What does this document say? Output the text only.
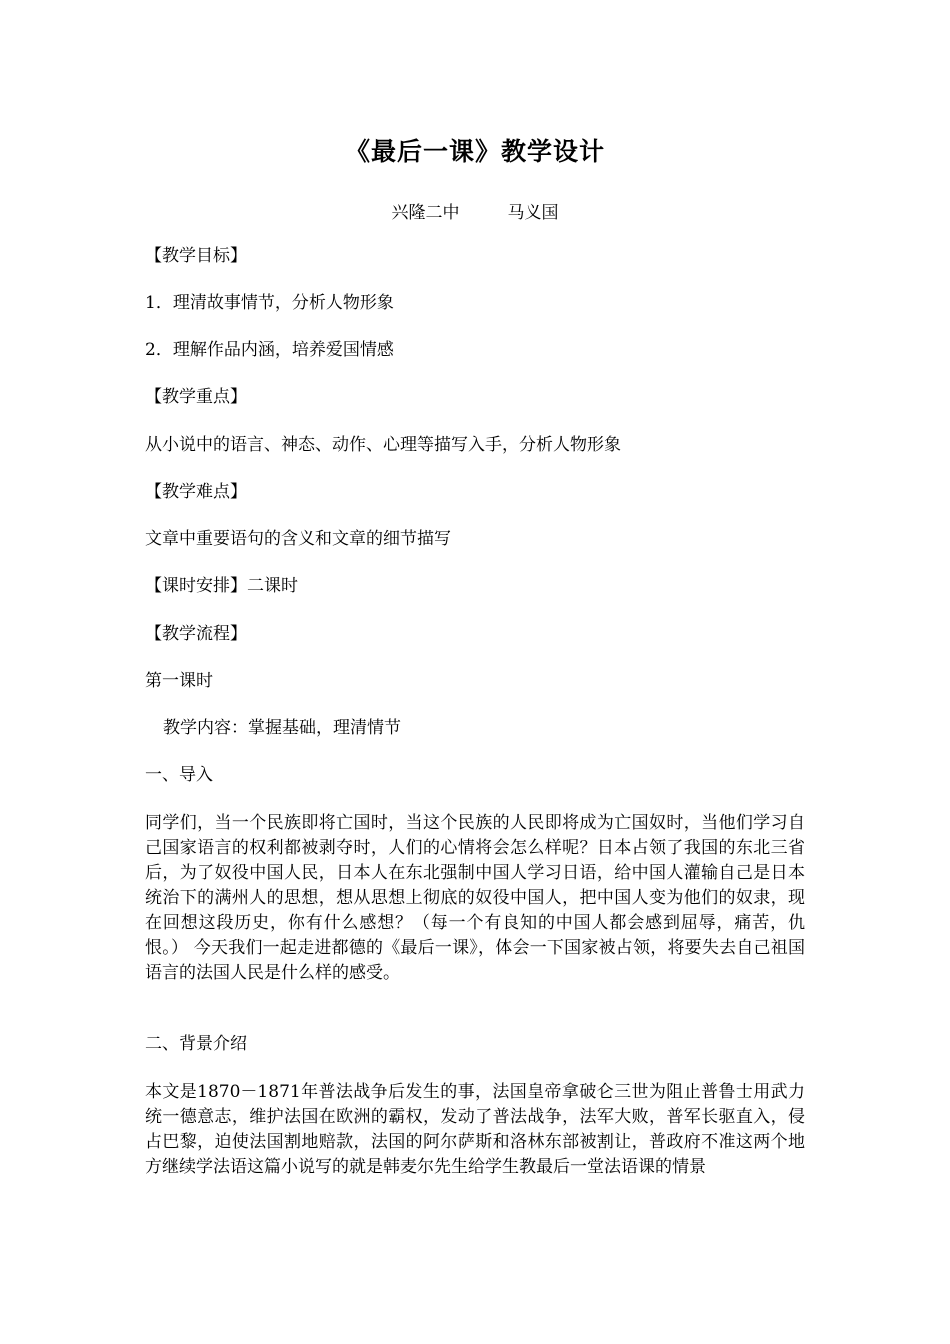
《最后一课》教学设计
兴隆二中	马义国
【教学目标】
1．理清故事情节，分析人物形象
2．理解作品内涵，培养爱国情感
【教学重点】
从小说中的语言、神态、动作、心理等描写入手，分析人物形象
【教学难点】
文章中重要语句的含义和文章的细节描写
【课时安排】二课时
【教学流程】
第一课时
教学内容：掌握基础，理清情节
一、导入
同学们，当一个民族即将亡国时，当这个民族的人民即将成为亡国奴时，当他们学习自己国家语言的权利都被剥夺时，人们的心情将会怎么样呢？日本占领了我国的东北三省后，为了奴役中国人民，日本人在东北强制中国人学习日语，给中国人灌输自己是日本统治下的满州人的思想，想从思想上彻底的奴役中国人，把中国人变为他们的奴隶，现在回想这段历史，你有什么感想？（每一个有良知的中国人都会感到屈辱，痛苦，仇恨。） 今天我们一起走进都德的《最后一课》，体会一下国家被占领，将要失去自己祖国语言的法国人民是什么样的感受。
二、背景介绍
本文是1870－1871年普法战争后发生的事，法国皇帝拿破仑三世为阻止普鲁士用武力统一德意志，维护法国在欧洲的霸权，发动了普法战争，法军大败，普军长驱直入，侵占巴黎，迫使法国割地赔款，法国的阿尔萨斯和洛林东部被割让，普政府不准这两个地方继续学法语这篇小说写的就是韩麦尔先生给学生教最后一堂法语课的情景
